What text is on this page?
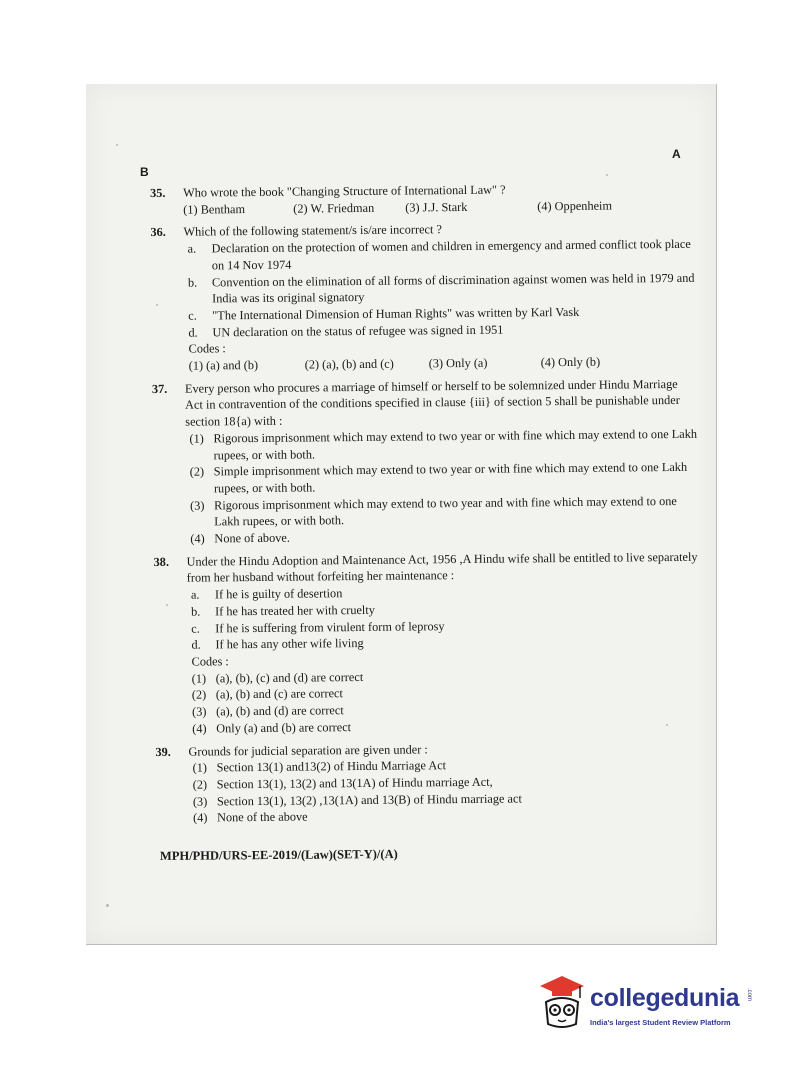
B
A
35. Who wrote the book "Changing Structure of International Law" ?
(1) Bentham	(2) W. Friedman	(3) J.J. Stark	(4) Oppenheim
36. Which of the following statement/s is/are incorrect ?
a. Declaration on the protection of women and children in emergency and armed conflict took place on 14 Nov 1974
b. Convention on the elimination of all forms of discrimination against women was held in 1979 and India was its original signatory
c. "The International Dimension of Human Rights" was written by Karl Vask
d. UN declaration on the status of refugee was signed in 1951
Codes :
(1) (a) and (b)	(2) (a), (b) and (c)	(3) Only (a)	(4) Only (b)
37. Every person who procures a marriage of himself or herself to be solemnized under Hindu Marriage Act in contravention of the conditions specified in clause {iii} of section 5 shall be punishable under section 18{a) with :
(1) Rigorous imprisonment which may extend to two year or with fine which may extend to one Lakh rupees, or with both.
(2) Simple imprisonment which may extend to two year or with fine which may extend to one Lakh rupees, or with both.
(3) Rigorous imprisonment which may extend to two year and with fine which may extend to one Lakh rupees, or with both.
(4) None of above.
38. Under the Hindu Adoption and Maintenance Act, 1956 ,A Hindu wife shall be entitled to live separately from her husband without forfeiting her maintenance :
a. If he is guilty of desertion
b. If he has treated her with cruelty
c. If he is suffering from virulent form of leprosy
d. If he has any other wife living
Codes :
(1) (a), (b), (c) and (d) are correct
(2) (a), (b) and (c) are correct
(3) (a), (b) and (d) are correct
(4) Only (a) and (b) are correct
39. Grounds for judicial separation are given under :
(1) Section 13(1) and13(2) of Hindu Marriage Act
(2) Section 13(1), 13(2) and 13(1A) of Hindu marriage Act,
(3) Section 13(1), 13(2) ,13(1A) and 13(B) of Hindu marriage act
(4) None of the above
MPH/PHD/URS-EE-2019/(Law)(SET-Y)/(A)
collegedunia .com
India's largest Student Review Platform
